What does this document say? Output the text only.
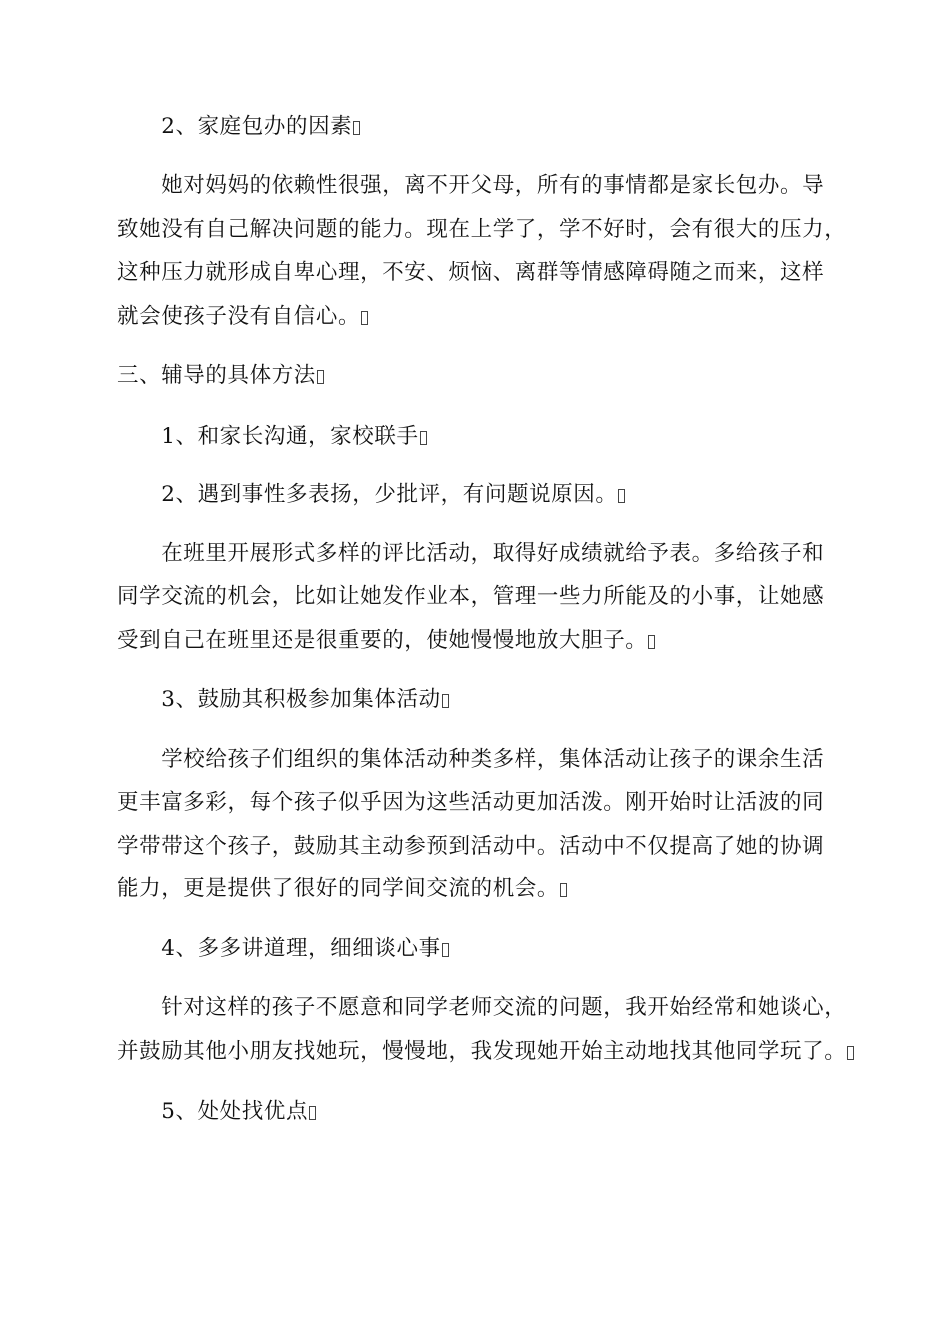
　　2、家庭包办的因素
　　她对妈妈的依赖性很强，离不开父母，所有的事情都是家长包办。导
致她没有自己解决问题的能力。现在上学了，学不好时，会有很大的压力，
这种压力就形成自卑心理，不安、烦恼、离群等情感障碍随之而来，这样
就会使孩子没有自信心。
三、辅导的具体方法
　　1、和家长沟通，家校联手
　　2、遇到事性多表扬，少批评，有问题说原因。
　　在班里开展形式多样的评比活动，取得好成绩就给予表。多给孩子和
同学交流的机会，比如让她发作业本，管理一些力所能及的小事，让她感
受到自己在班里还是很重要的，使她慢慢地放大胆子。
　　3、鼓励其积极参加集体活动
　　学校给孩子们组织的集体活动种类多样，集体活动让孩子的课余生活
更丰富多彩，每个孩子似乎因为这些活动更加活泼。刚开始时让活波的同
学带带这个孩子，鼓励其主动参预到活动中。活动中不仅提高了她的协调
能力，更是提供了很好的同学间交流的机会。
　　4、多多讲道理，细细谈心事
　　针对这样的孩子不愿意和同学老师交流的问题，我开始经常和她谈心，
并鼓励其他小朋友找她玩，慢慢地，我发现她开始主动地找其他同学玩了。
　　5、处处找优点
